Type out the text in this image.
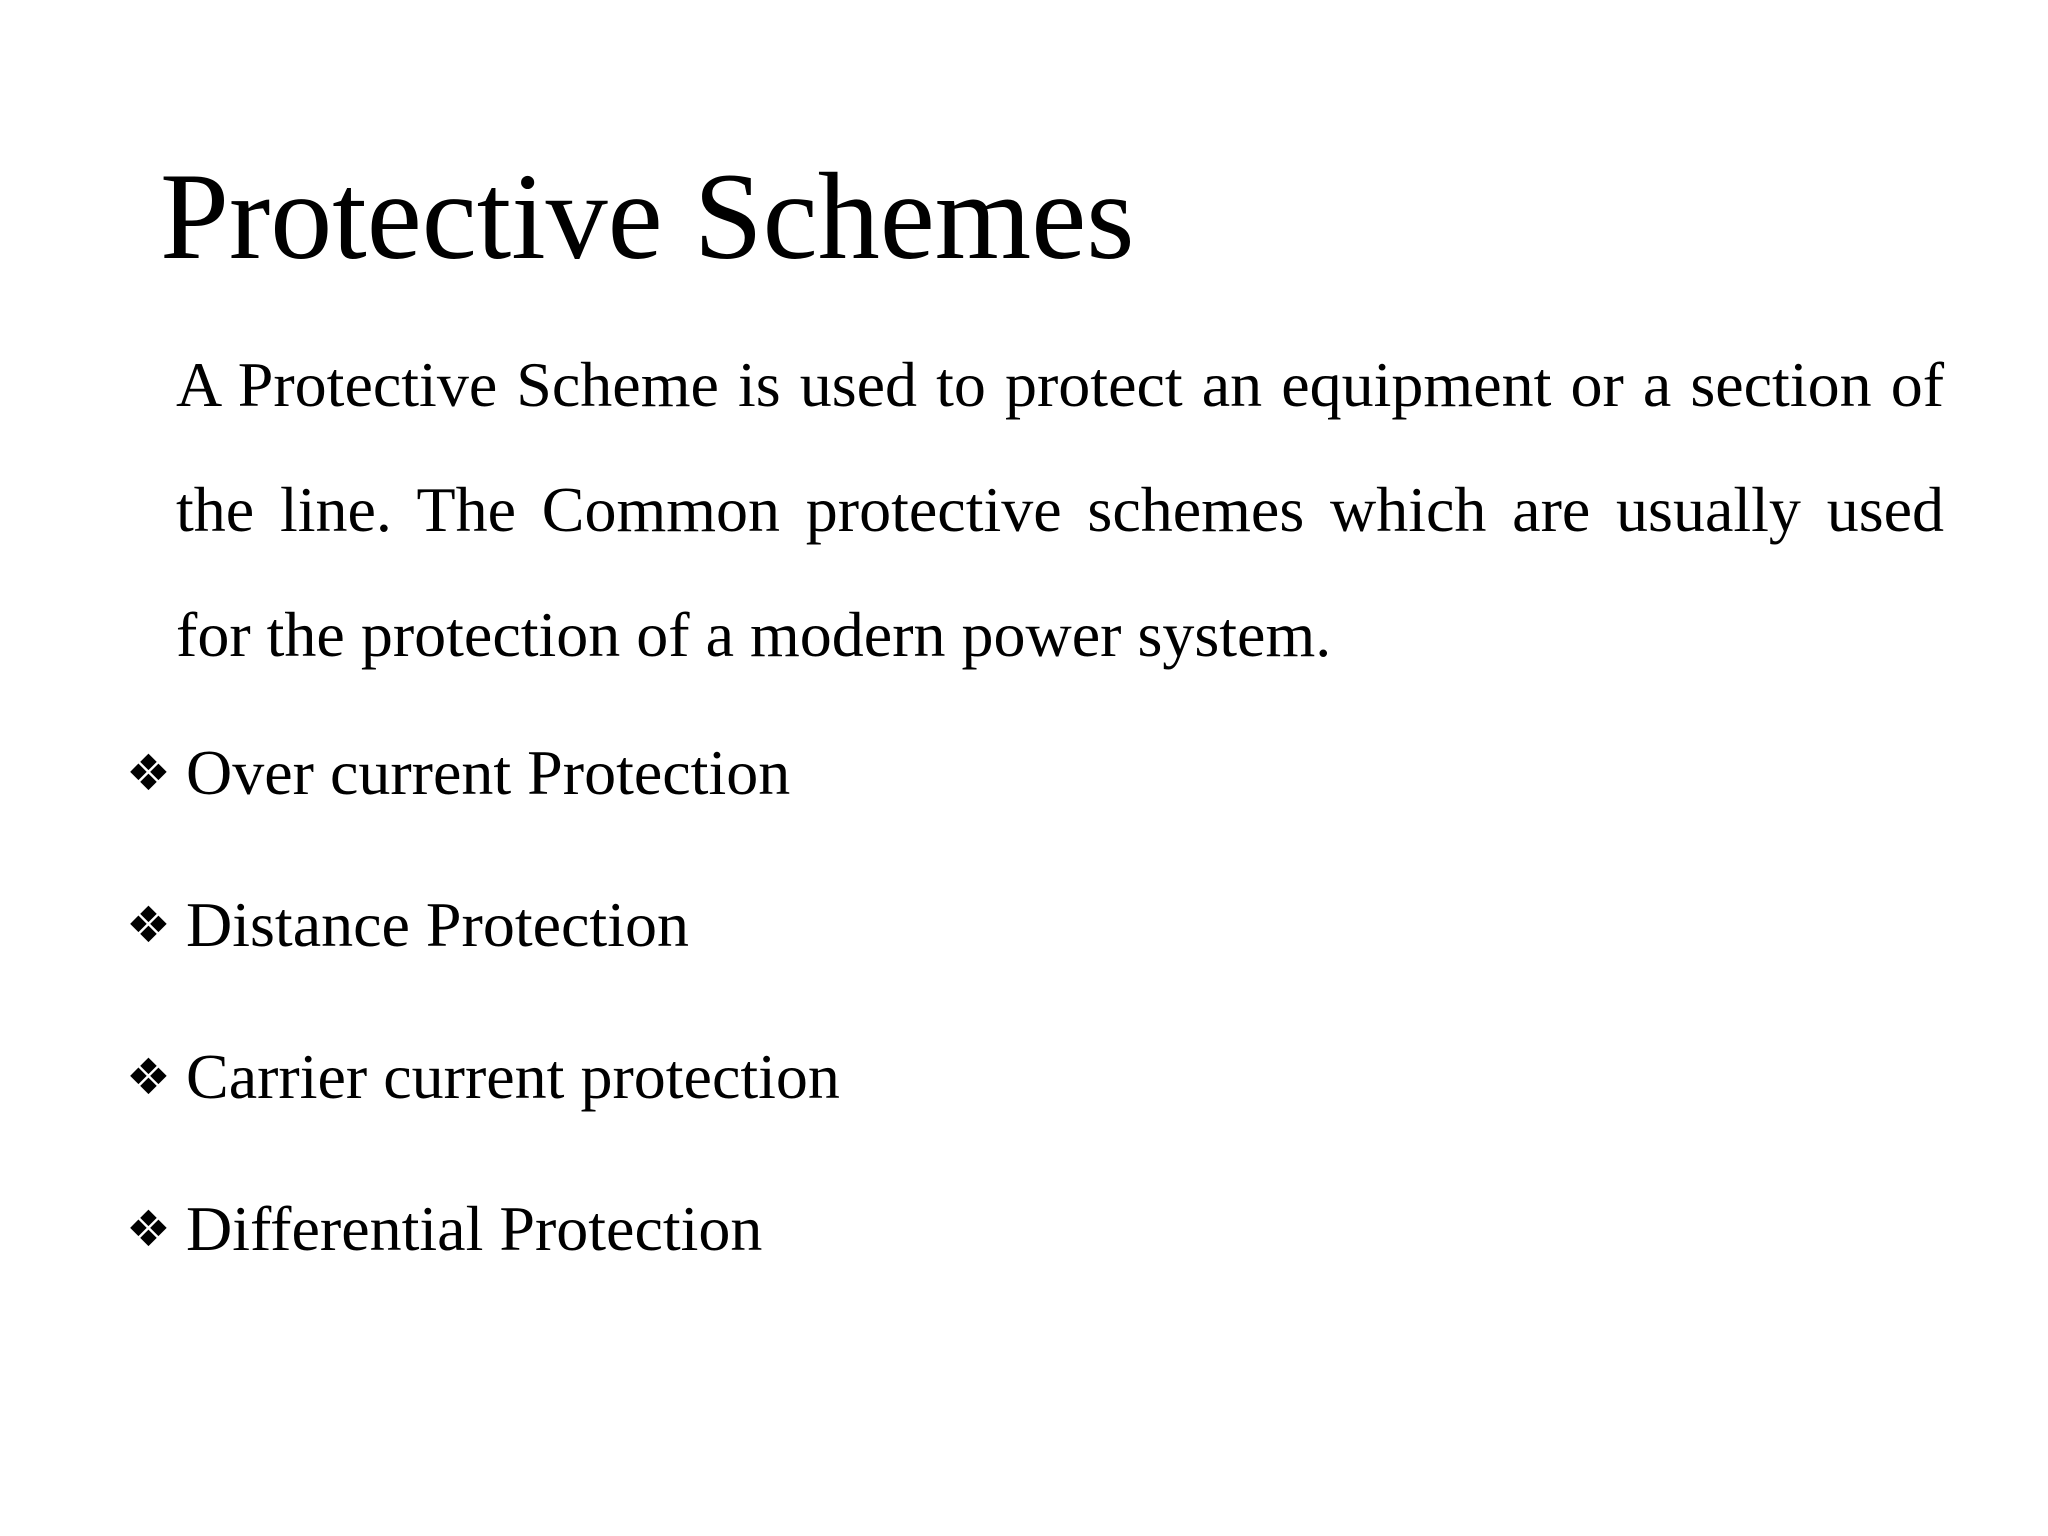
Protective Schemes

A Protective Scheme is used to protect an equipment or a section of the line. The Common protective schemes which are usually used for the protection of a modern power system.

❖ Over current Protection
❖ Distance Protection
❖ Carrier current protection
❖ Differential Protection
